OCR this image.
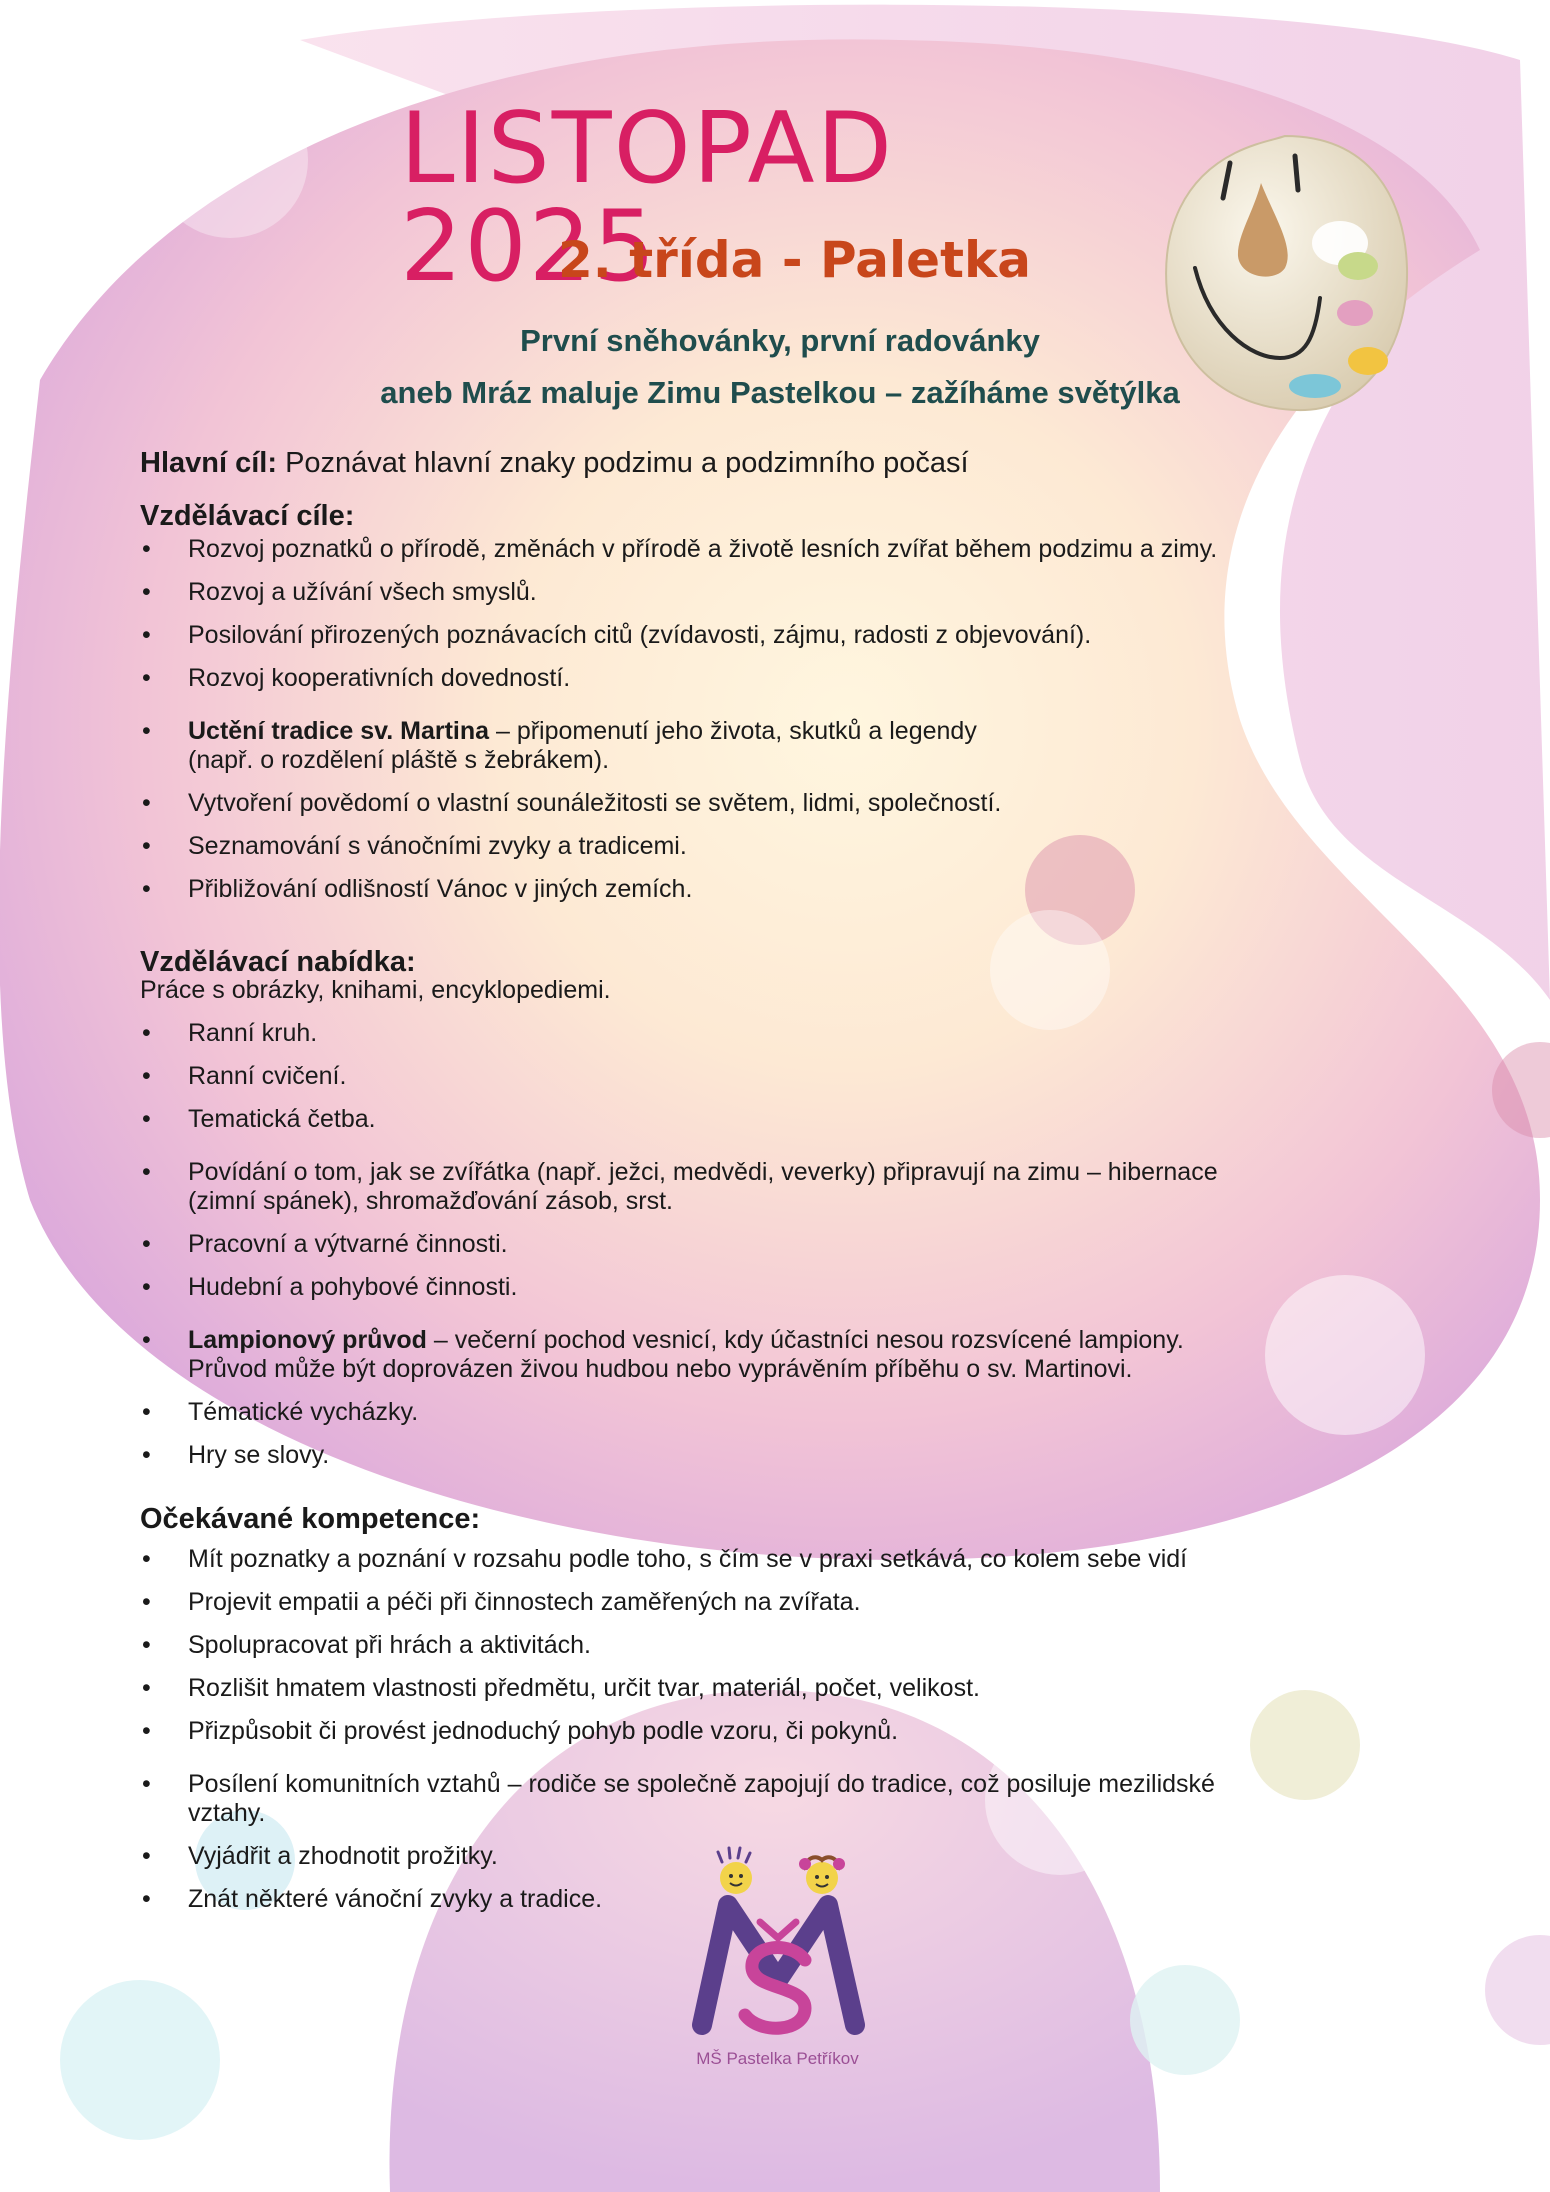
LISTOPAD 2025
2. třída - Paletka

První sněhovánky, první radovánky

aneb Mráz maluje Zimu Pastelkou – zažíháme světýlka

Hlavní cíl: Poznávat hlavní znaky podzimu a podzimního počasí

Vzdělávací cíle:
• Rozvoj poznatků o přírodě, změnách v přírodě a životě lesních zvířat během podzimu a zimy.
• Rozvoj a užívání všech smyslů.
• Posilování přirozených poznávacích citů (zvídavosti, zájmu, radosti z objevování).
• Rozvoj kooperativních dovedností.
• Uctění tradice sv. Martina – připomenutí jeho života, skutků a legendy
(např. o rozdělení pláště s žebrákem).
• Vytvoření povědomí o vlastní sounáležitosti se světem, lidmi, společností.
• Seznamování s vánočními zvyky a tradicemi.
• Přibližování odlišností Vánoc v jiných zemích.
Vzdělávací nabídka:

Práce s obrázky, knihami, encyklopediemi.

• Ranní kruh.
• Ranní cvičení.
• Tematická četba.
• Povídání o tom, jak se zvířátka (např. ježci, medvědi, veverky) připravují na zimu – hibernace
(zimní spánek), shromažďování zásob, srst.
• Pracovní a výtvarné činnosti.
• Hudební a pohybové činnosti.
• Lampionový průvod – večerní pochod vesnicí, kdy účastníci nesou rozsvícené lampiony.
Průvod může být doprovázen živou hudbou nebo vyprávěním příběhu o sv. Martinovi.
• Tématické vycházky.
• Hry se slovy.
Očekávané kompetence:
• Mít poznatky a poznání v rozsahu podle toho, s čím se v praxi setkává, co kolem sebe vidí
• Projevit empatii a péči při činnostech zaměřených na zvířata.
• Spolupracovat při hrách a aktivitách.
• Rozlišit hmatem vlastnosti předmětu, určit tvar, materiál, počet, velikost.
• Přizpůsobit či provést jednoduchý pohyb podle vzoru, či pokynů.
• Posílení komunitních vztahů – rodiče se společně zapojují do tradice, což posiluje mezilidské
vztahy.
• Vyjádřit a zhodnotit prožitky.
• Znát některé vánoční zvyky a tradice.
MŠ Pastelka Petříkov
